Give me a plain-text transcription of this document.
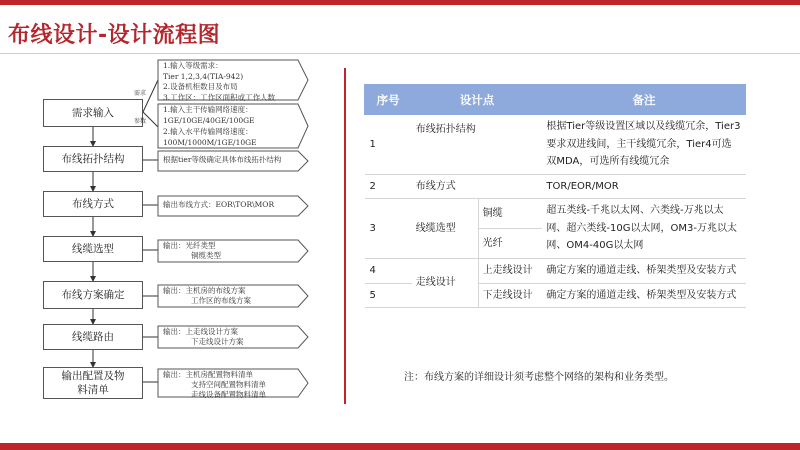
布线设计-设计流程图
需求输入
布线拓扑结构
布线方式
线缆选型
布线方案确定
线缆路由
输出配置及物料清单
需求
参数
1.输入等级需求：
Tier 1,2,3,4(TIA-942)
2.设备机柜数目及布局
3.工作区：工作区面积或工作人数
1.输入主干传输网络速度：
1GE/10GE/40GE/100GE
2.输入水平传输网络速度：
100M/1000M/1GE/10GE
根据tier等级确定具体布线拓扑结构
输出布线方式：EOR\TOR\MOR
输出：光纤类型
铜缆类型
输出：主机房的布线方案
工作区的布线方案
输出：上走线设计方案
下走线设计方案
输出：主机房配置物料清单
支持空间配置物料清单
走线设备配置物料清单
序号	设计点		备注
1	布线拓扑结构		根据Tier等级设置区域以及线缆冗余，Tier3要求双进线间，主干线缆冗余，Tier4可选双MDA，可选所有线缆冗余
2	布线方式		TOR/EOR/MOR
3	线缆选型	铜缆	超五类线-千兆以太网、六类线-万兆以太网、超六类线-10G以太网，OM3-万兆以太网、OM4-40G以太网
		光纤	
4	走线设计	上走线设计	确定方案的通道走线、桥架类型及安装方式
5		下走线设计	确定方案的通道走线、桥架类型及安装方式
注：布线方案的详细设计须考虑整个网络的架构和业务类型。
